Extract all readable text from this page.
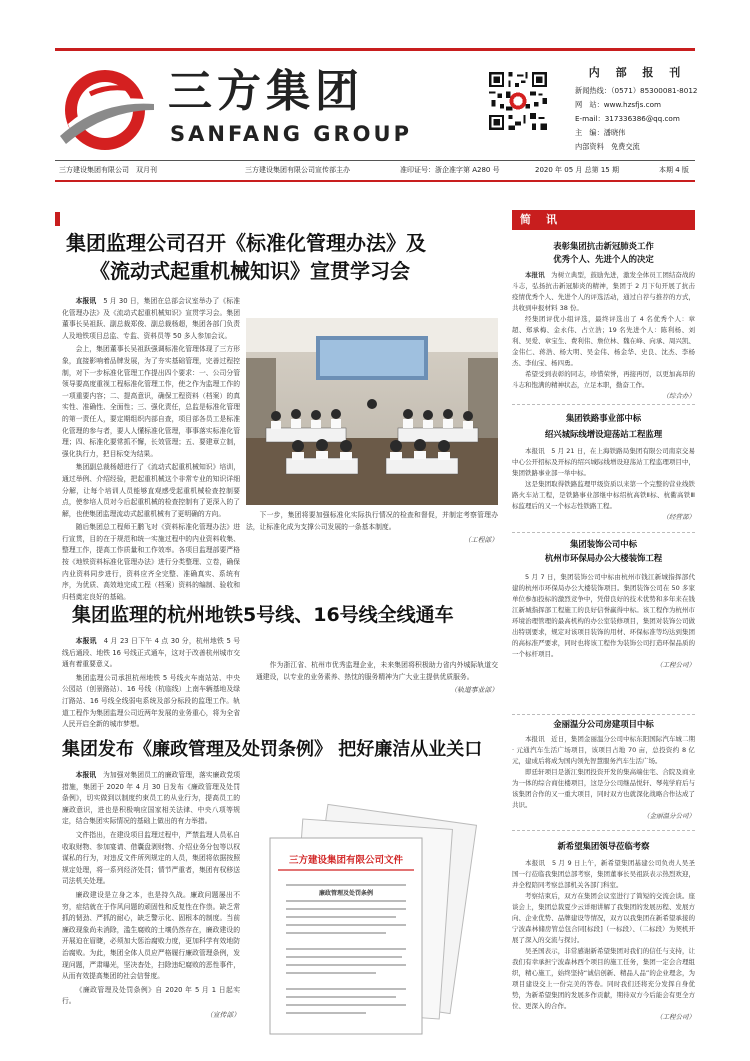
三方集团
SANFANG GROUP
内 部 报 刊
新闻热线：（0571）85300081-8012
网　站：www.hzsfjs.com
E-mail：317336386@qq.com
主　编：潘晓伟
内部资料　免费交流
三方建设集团有限公司　双月刊	三方建设集团有限公司宣传部主办	准印证号：浙企准字第 A280 号	2020 年 05 月 总第 15 期	本期 4 版
集团监理公司召开《标准化管理办法》及
《流动式起重机械知识》宣贯学习会

本报讯　 5 月 30 日，集团在总部会议室举办了《标准化管理办法》及《流动式起重机械知识》宣贯学习会。集团董事长吴祖跃、副总裁郑俊、副总裁杨超，集团各部门负责人及地铁项目总监、专监、资料员等 50 多人参加会议。

会上，集团董事长吴祖跃强调标准化管理体现了三方形象，直接影响着品牌发展，为了夯实基础管理，完善过程控制，对下一步标准化管理工作提出四个要求：一、公司分管领导要高度重视工程标准化管理工作，使之作为监理工作的一项重要内容；二、提高意识，确保工程资料（档案）的真实性、准确性、全面性；三、强化责任，总监是标准化管理的第一责任人，要定期组织内部自查，项目部各员工是标准化管理的参与者，要人人懂标准化管理，事事落实标准化管理；四、标准化要常抓不懈，长效管理；五、要建章立制，强化执行力，把目标变为结果。

集团副总裁杨超进行了《流动式起重机械知识》培训，通过举例、介绍经验，把起重机械这个非常专业的知识详细分解，让每个培训人员能够直观感受起重机械检查控制要点，使参培人员对今后起重机械的检查控制有了更深入的了解，也使集团监理流动式起重机械有了更明确的方向。

随后集团总工程师王鹏飞对《资料标准化管理办法》进行宣贯，目的在于规范和统一实施过程中的内业资料收集、整理工作，提高工作质量和工作效率。各项目监理部要严格按《地铁资料标准化管理办法》进行分类整理、立卷，确保内业资料同步进行，资料应齐全完整、准确真实、系统有序，为优质、高效地完成工程（档案）资料的编制、验收和归档奠定良好的基础。

下一步，集团将要加强标准化实际执行情况的检查和督促，并制定考察管理办法，让标准化成为支撑公司发展的一条基本制度。

（工程部）
集团监理的杭州地铁5号线、16号线全线通车

本报讯　 4 月 23 日下午 4 点 30 分，杭州地铁 5 号线后通段、地铁 16 号线正式通车，这对于改善杭州城市交通有着重要意义。

集团监理公司承担杭州地铁 5 号线火车南站站、中央公园站（创景路站）、16 号线（杭临线）上南车辆基地及绿汀路站、16 号线全线弱电系统及部分标段的监理工作。轨道工程作为集团监理公司近两年发展的业务重心，将为全省人民开启全新的城市梦想。

作为浙江省、杭州市优秀监理企业，未来集团将积极助力省内外城际轨道交通建设，以专业的业务素养、热忱的服务精神为广大业主提供优质服务。

（轨道事业部）
集团发布《廉政管理及处罚条例》 把好廉洁从业关口

本报讯　 为加强对集团员工的廉政管理，落实廉政党项措施，集团于 2020 年 4 月 30 日发布《廉政管理及处罚条例》，切实做到以制度约束员工的从业行为，提高员工的廉政意识，进也是积极响应国家相关法律、中央八项等规定，结合集团实际情况的基础上做出的有力举措。

文件指出，在建设项目监理过程中，严禁监理人员私自收取财物、参加宴请、借囊盘剥财物、介绍业务分包等以权谋私的行为，对违反文件所列规定的人员，集团将依据按照规定处理，将一系列经济处罚；情节严重者，集团有权移送司法机关处理。

廉政建设是立身之本，也是持久战。廉政问题屡出不穷，症结就在于作风问题的顽固性和反复性在作祟。缺乏常抓的韧劲、严抓的耐心，缺乏警示化、固根本的制度。当前廉政现象尚未消除，滥生腐败的土壤仍然存在，廉政建设的开展迫在眉睫，必须加大惩治腐败力度，更加科学有效地防治腐败。为此，集团全体人员应严格履行廉政管理条例，发现问题，严肃曝光，坚决杳处，扫除违纪腐败的恶性事件，从而有效提高集团的社会信誉度。

《廉政管理及处罚条例》自 2020 年 5 月 1 日起实行。

（宣传部）
三方建设集团有限公司文件
廉政管理及处罚条例
简　讯
表彰集团抗击新冠肺炎工作
优秀个人、先进个人的决定

本报讯　 为树立典型，鼓励先进，激发全体员工团结奋战的斗志，弘扬抗击新冠肺炎的精神，集团于 2 月下旬开展了抗击疫情优秀个人、先进个人的评选活动，通过自荐与推荐的方式，共收到申报材料 38 份。

经集团评优小组评选，最终评选出了 4 名优秀个人：章超、郑承梅、金永伟、占立浩；19 名先进个人：陈利杨、刘利、吴爱、章宝生、费利伟、詹位林、魏在峰、向承、周兴凯、金伟仁、蒋浩、杨大明、吴金伟、杨金华、史良、沈杰、李杨杰、李仙宝、杨四勇。

希望受到表彰的同志，珍惜荣誉，再接再厉，以更加高昂的斗志和饱满的精神状态，立足本职，勤奋工作。

（综合办）
集团铁路事业部中标
绍兴城际线增设迎荡站工程监理

本报讯　5 月 21 日，在上海铁路局集团有限公司南京交易中心公开招标及开标的绍兴城际线增设迎荡站工程监理项目中，集团铁路事业部一举中标。

这是集团取得铁路监理甲级资质以来第一个完整的营业线铁路火车站工程，是铁路事业部继中标绍杭高铁Ⅱ标、杭衢高铁Ⅲ标监理后的又一个标志性铁路工程。

（经营部）
集团装饰公司中标
杭州市环保局办公大楼装饰工程

5 月 7 日，集团装饰公司中标由杭州市钱江新城指挥部代建的杭州市环保局办公大楼装饰项目。集团装饰公司在 50 多家单位参加投标的激烈竞争中，凭借良好的技术优势和多年来在钱江新城指挥部工程施工的良好信誉赢得中标。该工程作为杭州市环境治理管理的最高机构的办公室装修项目，集团对装饰公司做出特别要求，规定对该项目装饰的用材、环保标准等均达到集团的高标准严要求，同时也将该工程作为装饰公司打造环保品质的一个标杆项目。

（工程公司）
金丽温分公司房建项目中标

本报讯　近日，集团金丽温分公司中标东阳国际汽车城二期 · 元通汽车生活广场项目，该项目占地 70 亩，总投资约 8 亿元，建成后将成为国内领先智慧服务汽车生活广场。

即廷轩项目是浙江集团投资开发的集高端住宅、合院及商业为一体的综合商住楼项目，这是分公司继品悦轩、琴苑学府后与该集团合作的又一重大项目，同时双方也就深化战略合作达成了共识。

（金丽温分公司）
新希望集团领导莅临考察

本报讯　5 月 9 日上午，新希望集团基建公司负责人吴圣国一行莅临我集团总部考察，集团董事长吴祖跃表示热烈欢迎，并全程陪同考察总部机关各部门科室。

考察结束后，双方在集团会议室进行了简短的交流会谈。座谈会上，集团总裁夏少云详细讲解了我集团的发展历程、发展方向、企业优势、品牌建设等情况，双方以我集团在新希望承接的宁波森林储房管总包合同[标段]（一标段）、（二标段）为契机开展了深入的交流与探讨。

吴圣国表示，非常感谢新希望集团对我们的信任与支持，让我们有幸承担宁波森林西个项目的施工任务，集团一定会合理组织，精心施工，始终坚持“诚信创新、精品人品”的企业理念，为项目建设交上一份完美的答卷。同时我们还将充分发挥自身优势，为新希望集团的发展多作贡献，期待双方今后能会有更全方位、更深入的合作。

（工程公司）
